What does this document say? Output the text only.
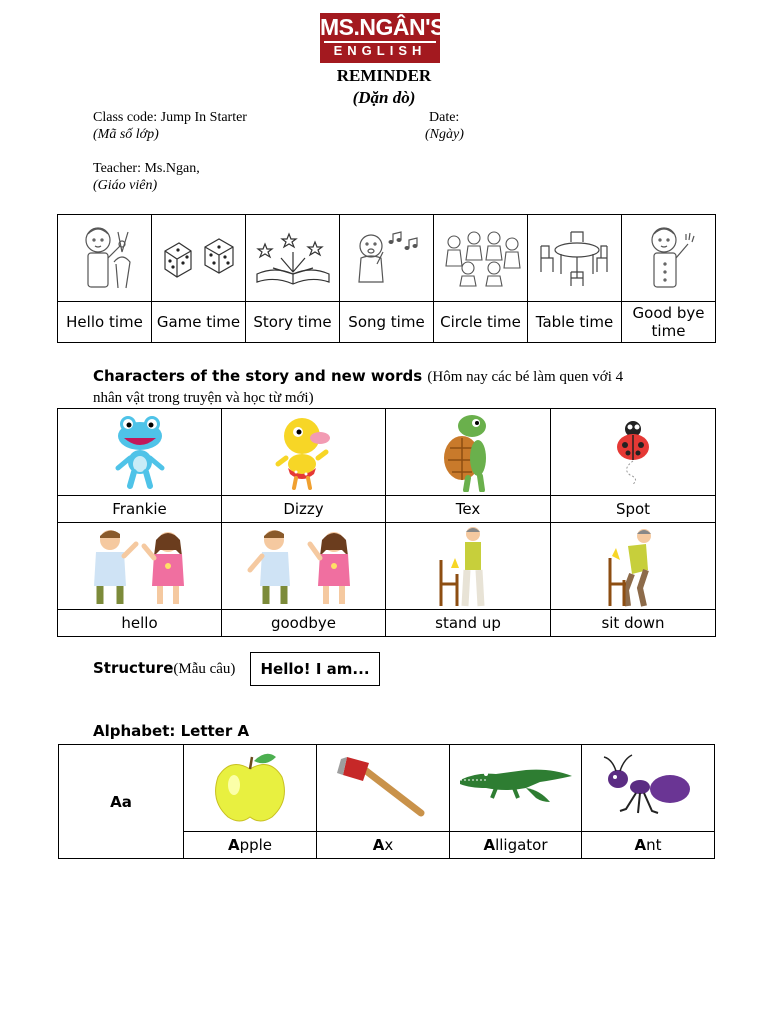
MS.NGÂN'S
ENGLISH
REMINDER
(Dặn dò)
Class code: Jump In Starter
(Mã số lớp)
Date:
(Ngày)
Teacher: Ms.Ngan,
(Giáo viên)

Hello time	Game time	Story time	Song time	Circle time	Table time	Good bye time
Characters of the story and new words (Hôm nay các bé làm quen với 4 nhân vật trong truyện và học từ mới)

Frankie	Dizzy	Tex	Spot

hello	goodbye	stand up	sit down
Structure(Mẫu câu)	Hello! I am...
Alphabet: Letter A
Aa	

	Apple	Ax	Alligator	Ant
